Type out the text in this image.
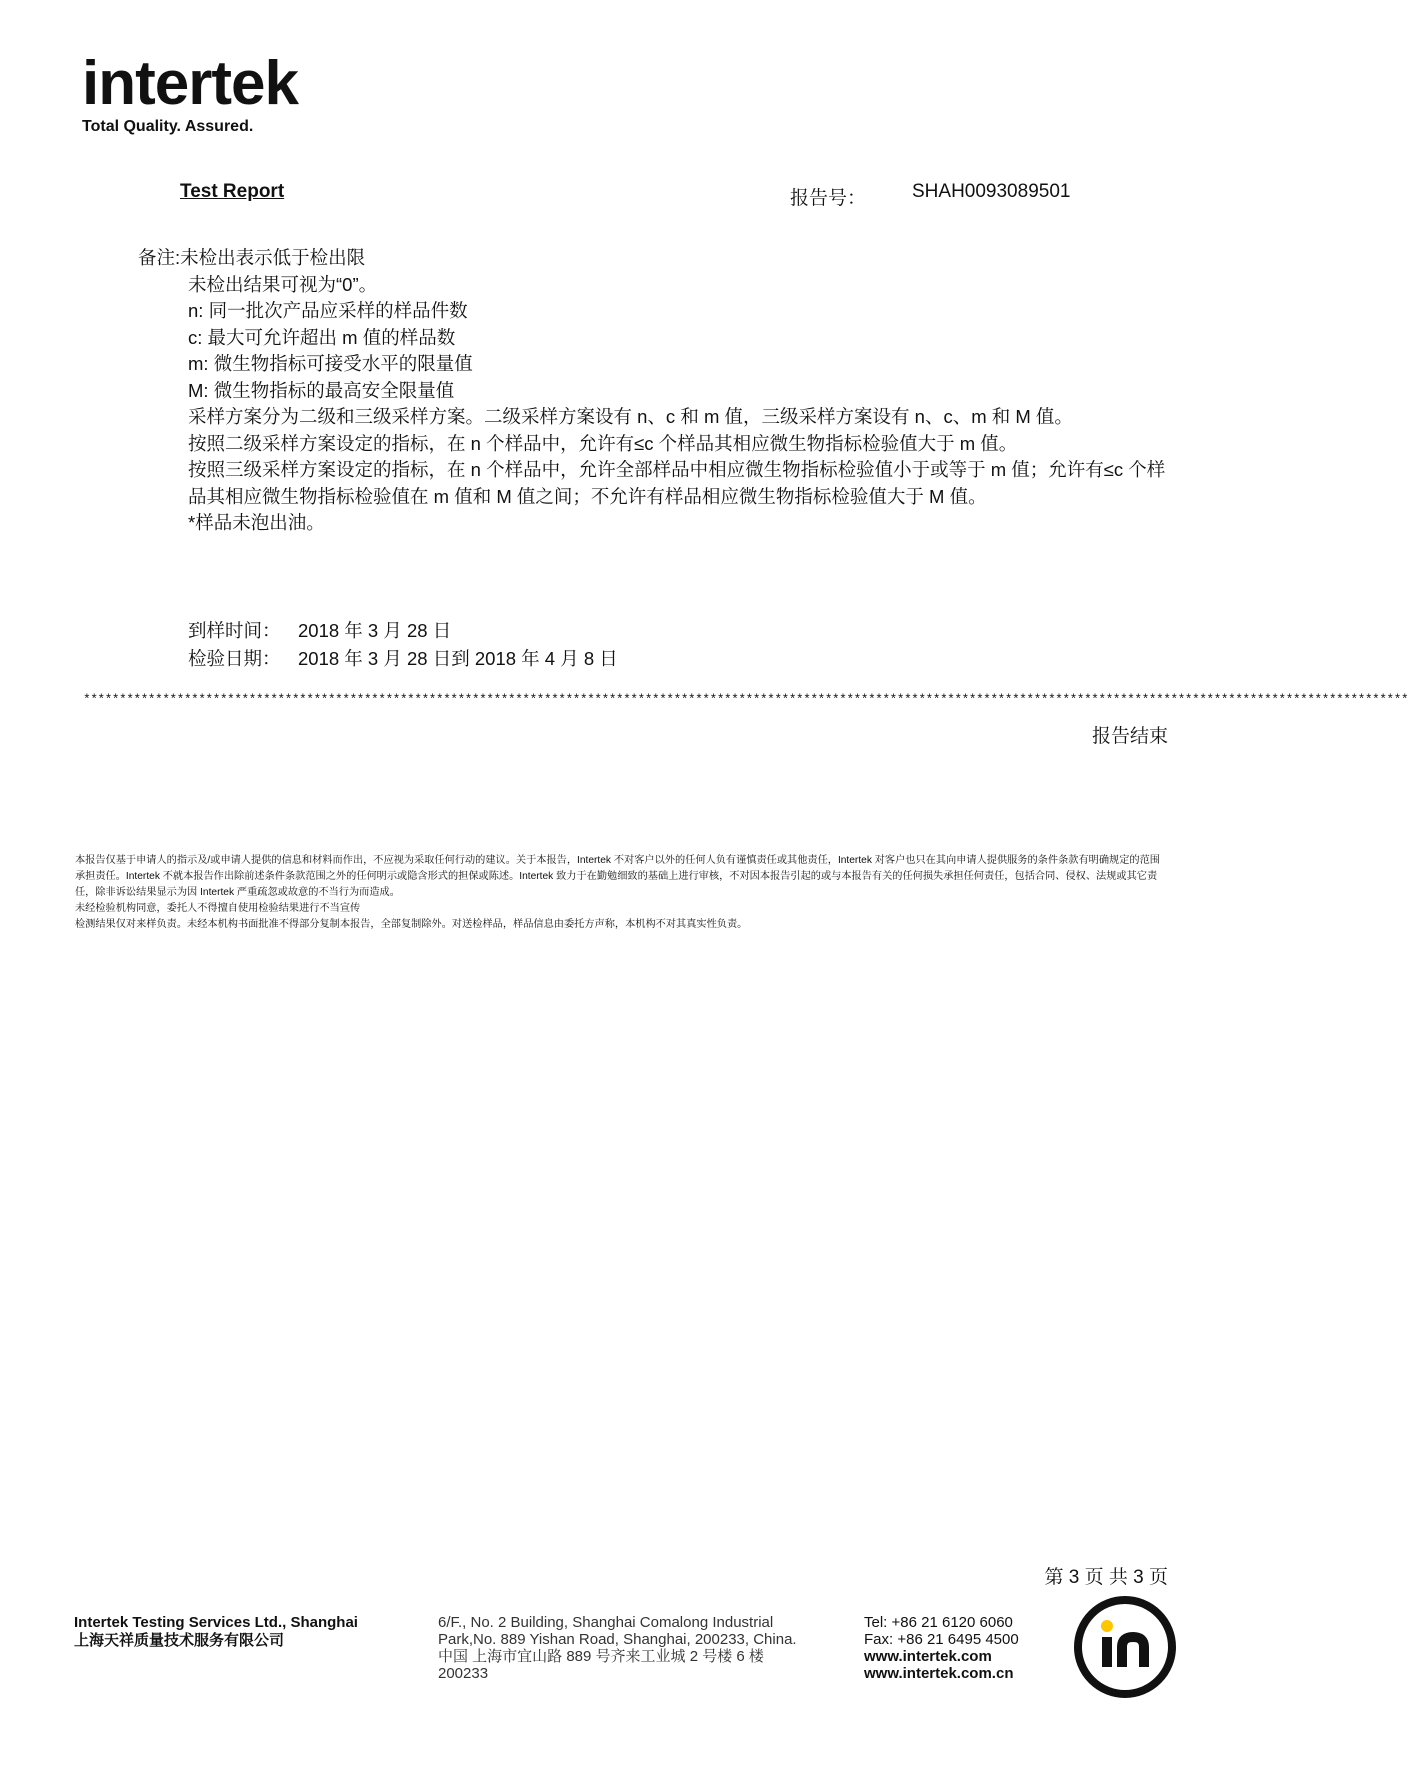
intertek
Total Quality. Assured.
Test Report	报告号： SHAH0093089501
备注:未检出表示低于检出限
未检出结果可视为“0”。
n: 同一批次产品应采样的样品件数
c: 最大可允许超出 m 值的样品数
m: 微生物指标可接受水平的限量值
M: 微生物指标的最高安全限量值
采样方案分为二级和三级采样方案。二级采样方案设有 n、c 和 m 值，三级采样方案设有 n、c、m 和 M 值。
按照二级采样方案设定的指标，在 n 个样品中，允许有≤c 个样品其相应微生物指标检验值大于 m 值。
按照三级采样方案设定的指标，在 n 个样品中，允许全部样品中相应微生物指标检验值小于或等于 m 值；允许有≤c 个样品其相应微生物指标检验值在 m 值和 M 值之间；不允许有样品相应微生物指标检验值大于 M 值。
*样品未泡出油。
到样时间： 2018 年 3 月 28 日
检验日期： 2018 年 3 月 28 日到 2018 年 4 月 8 日
****************************************************************************************************************************************************************************************
报告结束

本报告仅基于申请人的指示及/或申请人提供的信息和材料而作出，不应视为采取任何行动的建议。关于本报告，Intertek 不对客户以外的任何人负有谨慎责任或其他责任，Intertek 对客户也只在其向申请人提供服务的条件条款有明确规定的范围承担责任。Intertek 不就本报告作出除前述条件条款范围之外的任何明示或隐含形式的担保或陈述。Intertek 致力于在勤勉细致的基础上进行审核，不对因本报告引起的或与本报告有关的任何损失承担任何责任，包括合同、侵权、法规或其它责任，除非诉讼结果显示为因 Intertek 严重疏忽或故意的不当行为而造成。

未经检验机构同意，委托人不得擅自使用检验结果进行不当宣传

检测结果仅对来样负责。未经本机构书面批准不得部分复制本报告，全部复制除外。对送检样品，样品信息由委托方声称，本机构不对其真实性负责。

第 3 页 共 3 页
Intertek Testing Services Ltd., Shanghai
上海天祥质量技术服务有限公司
6/F., No. 2 Building, Shanghai Comalong Industrial
Park,No. 889 Yishan Road, Shanghai, 200233, China.
中国 上海市宜山路 889 号齐来工业城 2 号楼 6 楼
200233
Tel: +86 21 6120 6060
Fax: +86 21 6495 4500
www.intertek.com
www.intertek.com.cn
